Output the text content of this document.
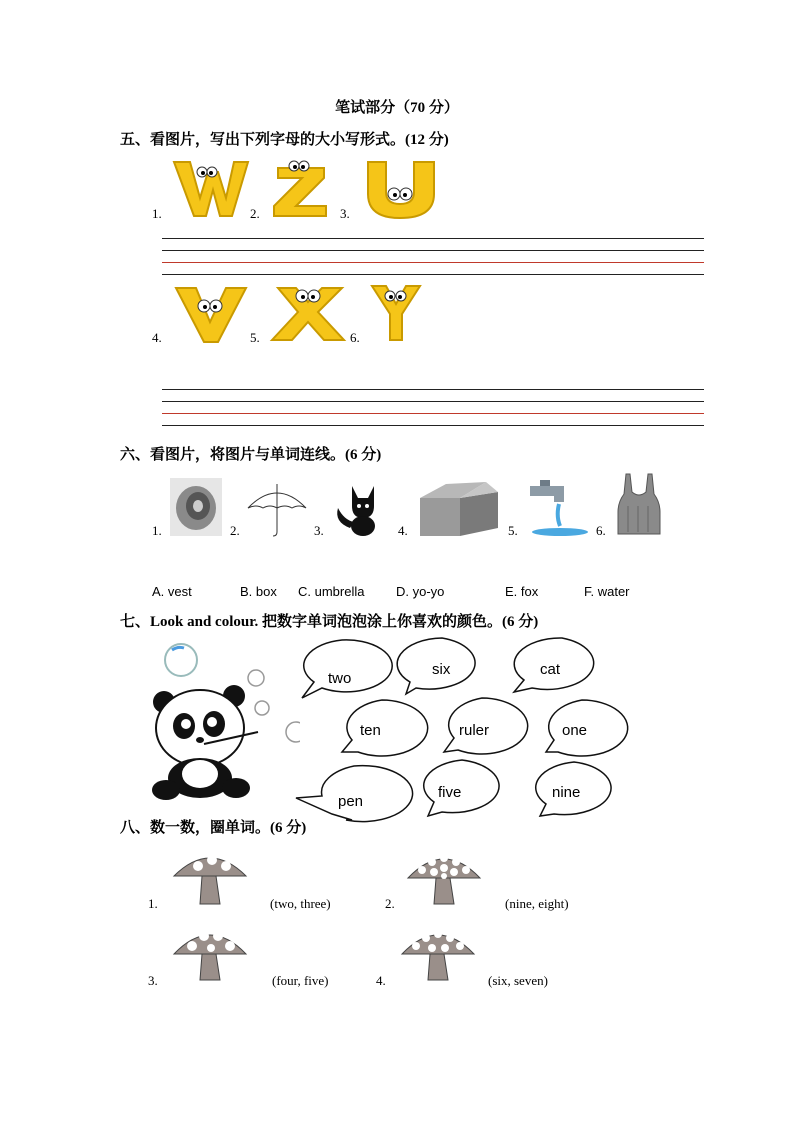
笔试部分（70 分）
五、看图片，写出下列字母的大小写形式。(12 分)
1.	2.	3.
4.	5.	6.
六、看图片，将图片与单词连线。(6 分)
1.	2.	3.	4.	5.	6.
A. vest	B. box C. umbrella D. yo-yo	E. fox	F. water
七、Look and colour. 把数字单词泡泡涂上你喜欢的颜色。(6 分)
two
six	cat
ten	ruler	one
pen
five	nine
八、数一数，圈单词。(6 分)
1.	(two, three)	2.	(nine, eight)
3.	(four, five)	4.	(six, seven)
